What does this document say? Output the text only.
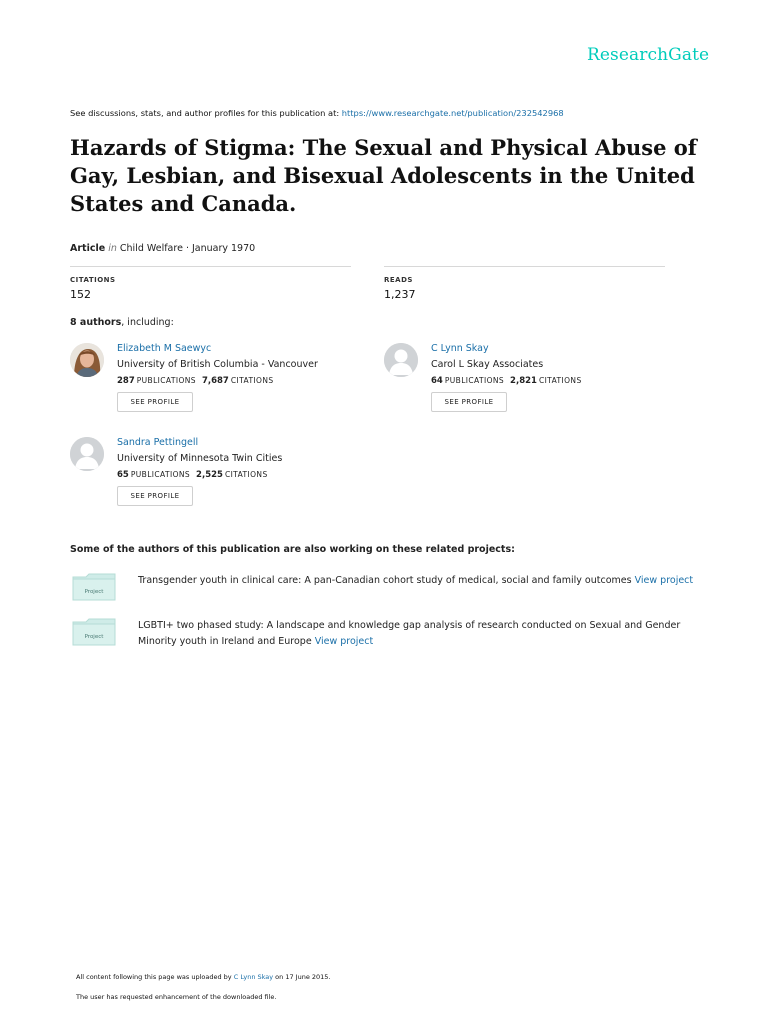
ResearchGate
See discussions, stats, and author profiles for this publication at: https://www.researchgate.net/publication/232542968
Hazards of Stigma: The Sexual and Physical Abuse of Gay, Lesbian, and Bisexual Adolescents in the United States and Canada.
Article in Child Welfare · January 1970
CITATIONS
152
READS
1,237
8 authors, including:
Elizabeth M Saewyc
University of British Columbia - Vancouver
287 PUBLICATIONS 7,687 CITATIONS
SEE PROFILE
C Lynn Skay
Carol L Skay Associates
64 PUBLICATIONS 2,821 CITATIONS
SEE PROFILE
Sandra Pettingell
University of Minnesota Twin Cities
65 PUBLICATIONS 2,525 CITATIONS
SEE PROFILE
Some of the authors of this publication are also working on these related projects:
Project
Transgender youth in clinical care: A pan-Canadian cohort study of medical, social and family outcomes View project
Project
LGBTI+ two phased study: A landscape and knowledge gap analysis of research conducted on Sexual and Gender Minority youth in Ireland and Europe View project
All content following this page was uploaded by C Lynn Skay on 17 June 2015.
The user has requested enhancement of the downloaded file.
